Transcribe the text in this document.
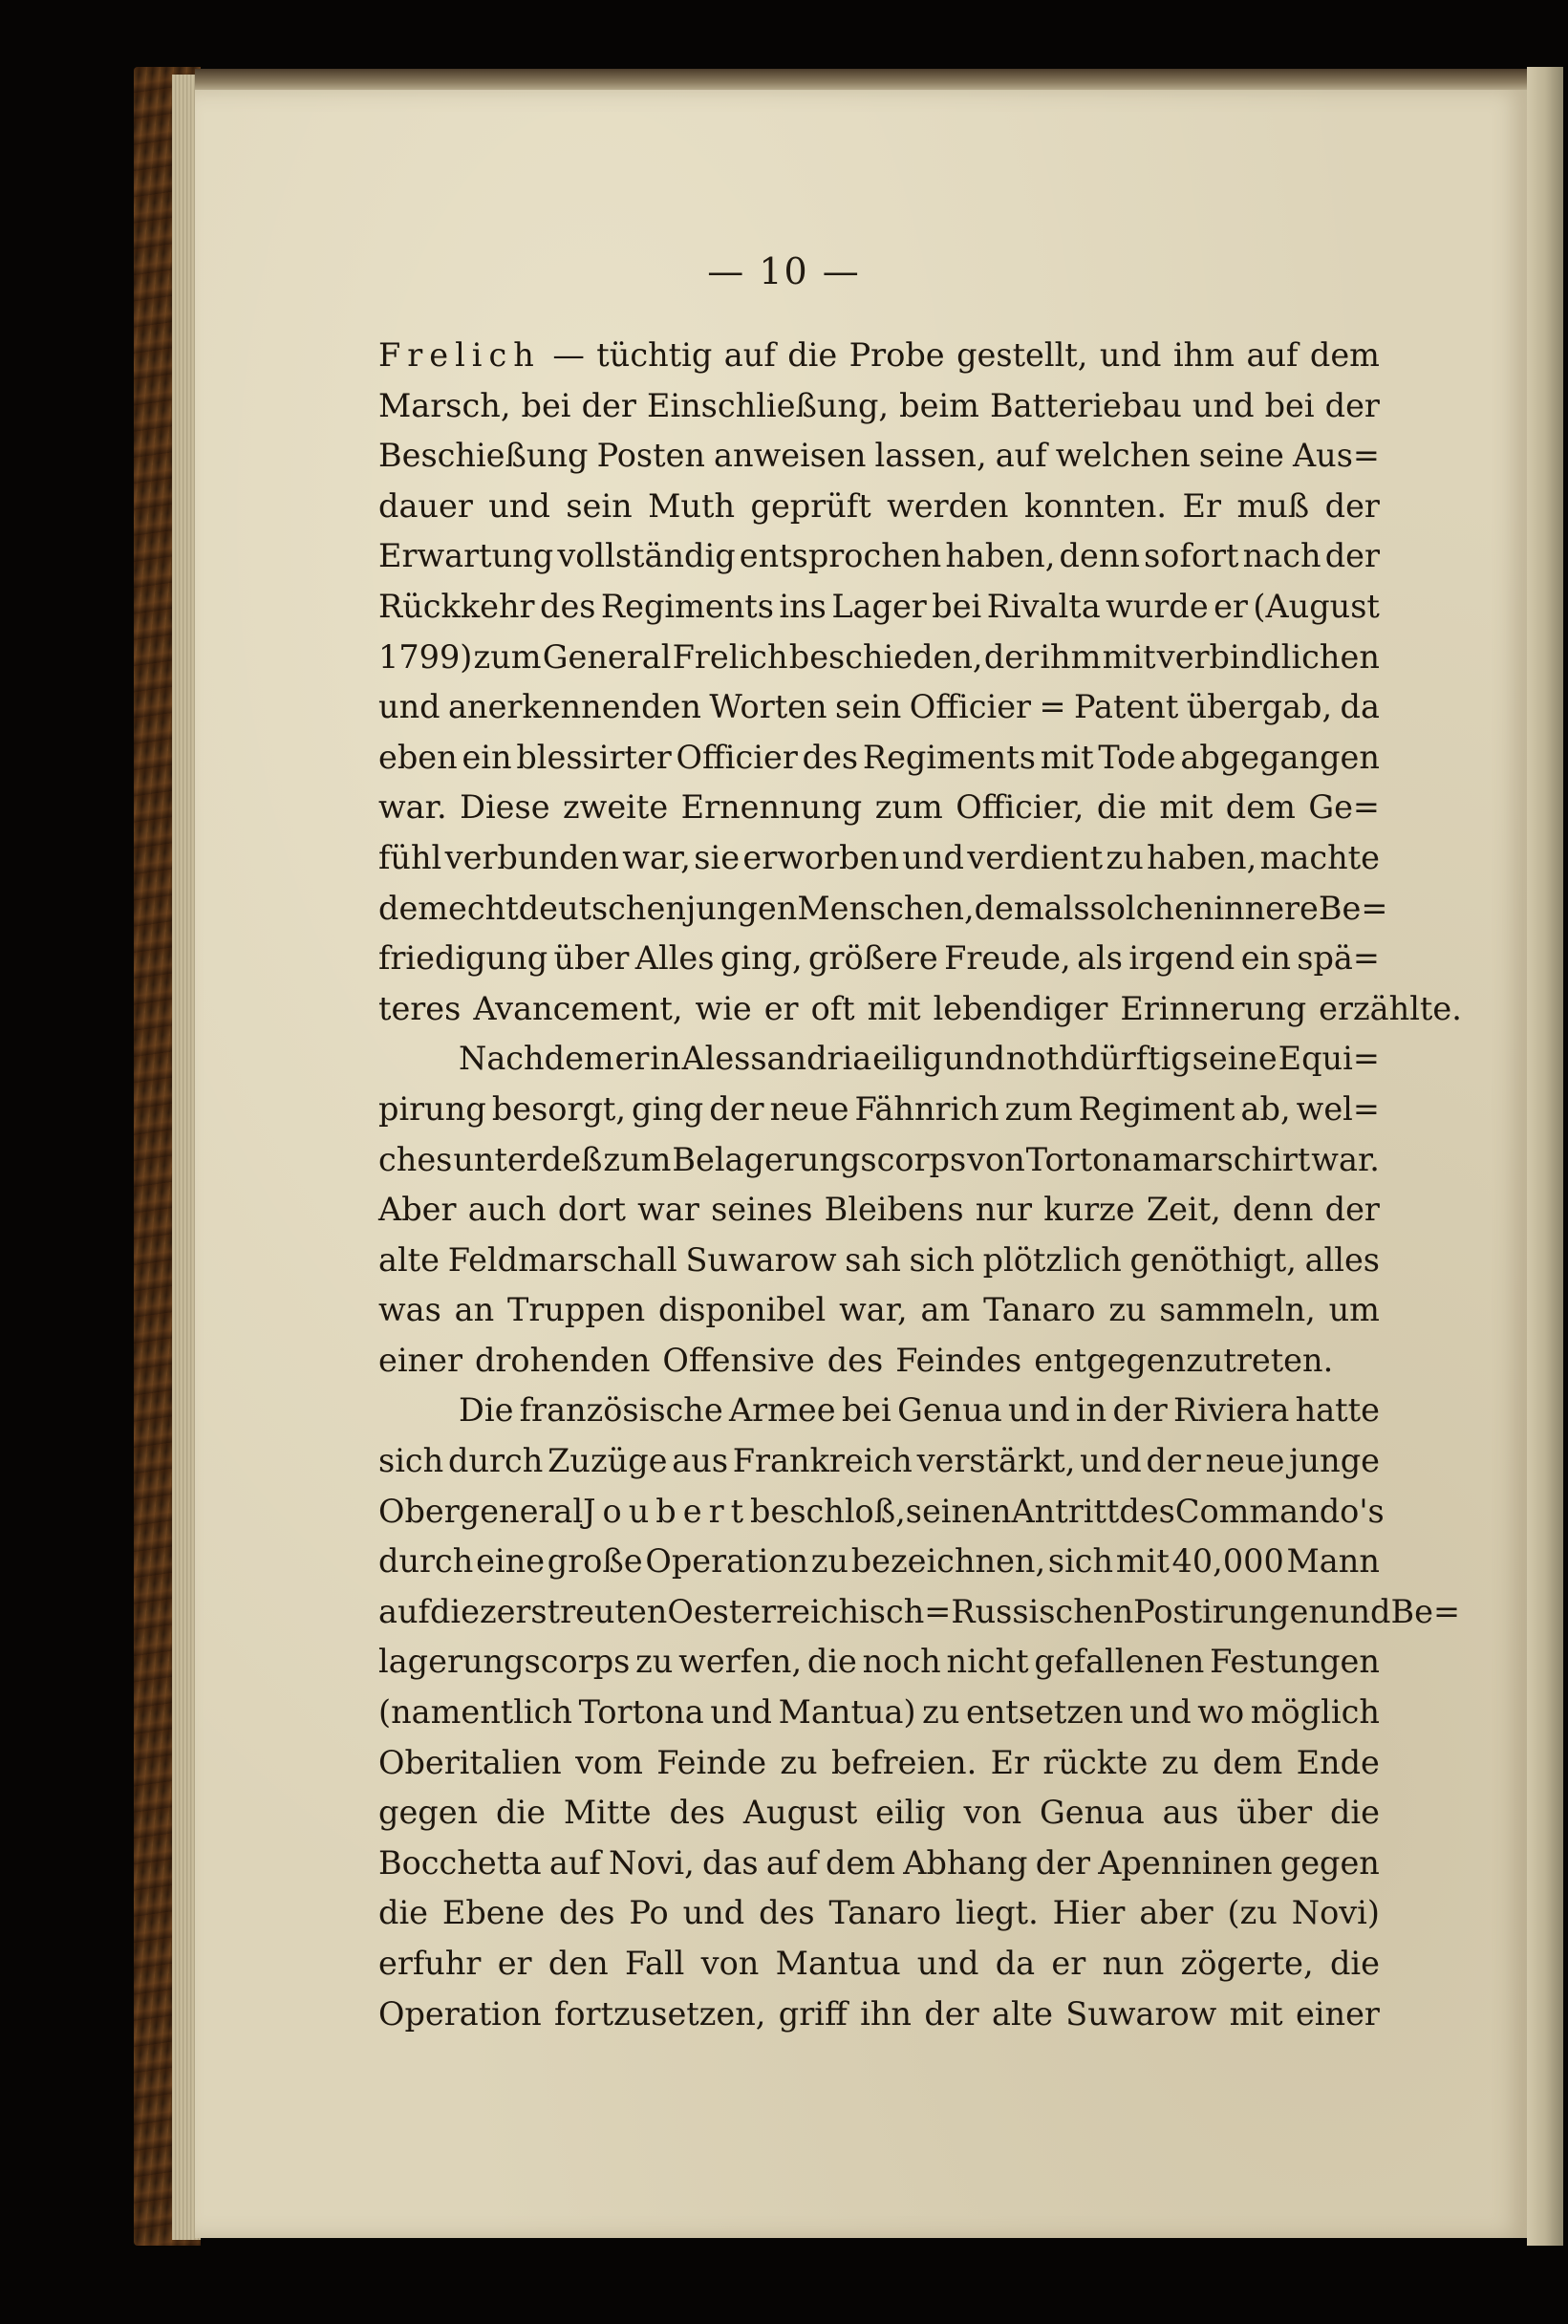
— 10 —
Frelich — tüchtig auf die Probe gestellt, und ihm auf dem
Marsch, bei der Einschließung, beim Batteriebau und bei der
Beschießung Posten anweisen lassen, auf welchen seine Aus=
dauer und sein Muth geprüft werden konnten. Er muß der
Erwartung vollständig entsprochen haben, denn sofort nach der
Rückkehr des Regiments ins Lager bei Rivalta wurde er (August
1799) zum General Frelich beschieden, der ihm mit verbindlichen
und anerkennenden Worten sein Officier = Patent übergab, da
eben ein blessirter Officier des Regiments mit Tode abgegangen
war. Diese zweite Ernennung zum Officier, die mit dem Ge=
fühl verbunden war, sie erworben und verdient zu haben, machte
dem echt deutschen jungen Menschen, dem als solchen innere Be=
friedigung über Alles ging, größere Freude, als irgend ein spä=
teres Avancement, wie er oft mit lebendiger Erinnerung erzählte.
Nachdem er in Alessandria eilig und nothdürftig seine Equi=
pirung besorgt, ging der neue Fähnrich zum Regiment ab, wel=
ches unterdeß zum Belagerungscorps von Tortona marschirt war.
Aber auch dort war seines Bleibens nur kurze Zeit, denn der
alte Feldmarschall Suwarow sah sich plötzlich genöthigt, alles
was an Truppen disponibel war, am Tanaro zu sammeln, um
einer drohenden Offensive des Feindes entgegenzutreten.
Die französische Armee bei Genua und in der Riviera hatte
sich durch Zuzüge aus Frankreich verstärkt, und der neue junge
Obergeneral Joubert beschloß, seinen Antritt des Commando's
durch eine große Operation zu bezeichnen, sich mit 40,000 Mann
auf die zerstreuten Oesterreichisch=Russischen Postirungen und Be=
lagerungscorps zu werfen, die noch nicht gefallenen Festungen
(namentlich Tortona und Mantua) zu entsetzen und wo möglich
Oberitalien vom Feinde zu befreien. Er rückte zu dem Ende
gegen die Mitte des August eilig von Genua aus über die
Bocchetta auf Novi, das auf dem Abhang der Apenninen gegen
die Ebene des Po und des Tanaro liegt. Hier aber (zu Novi)
erfuhr er den Fall von Mantua und da er nun zögerte, die
Operation fortzusetzen, griff ihn der alte Suwarow mit einer
